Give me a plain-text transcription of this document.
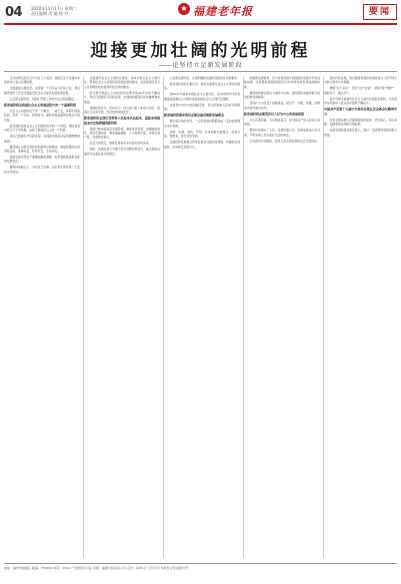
04 2020年11月17日 星期二
责任编辑 美 编 校 对
★ 福建老年报	要闻
迎接更加壮阔的光明前程
——论坚持立足新发展阶段

当今世界正经历百年未有之大变局，我国正处于实现中华民族伟大复兴关键时期。

全面建成小康社会、实现第一个百年奋斗目标之后，我们要乘势而上开启全面建设社会主义现代化国家新征程。

立足新发展阶段，是我们开展工作的出发点和落脚点。

新发展阶段是我国社会主义发展进程中的一个重要阶段

社会主义初级阶段不是一个静态、一成不变、停滞不前的阶段，而是一个动态、积极有为、始终洋溢着蓬勃生机活力的过程。

新发展阶段是社会主义初级阶段中的一个阶段，同时是其中经过几十年积累、站到了新的起点上的一个阶段。

我们已经拥有开启新征程、实现新的更高目标的雄厚物质基础。

要深刻认识新发展阶段的新特征新要求，增强机遇意识和风险意识，准确识变、科学应变、主动求变。

我国发展仍然处于重要战略机遇期，但机遇和挑战都有新的发展变化。

要保持战略定力，办好自己的事，在危机中育先机、于变局中开新局。

全面建设社会主义现代化国家、基本实现社会主义现代化，既是社会主义初级阶段我国发展的要求，也是我国社会主义从初级阶段向更高阶段迈进的要求。

经过新中国成立以来特别是改革开放40多年的不懈奋斗，我们已经拥有开启新征程、实现新的更高目标的雄厚物质基础。

我国经济实力、科技实力、综合国力跃上新的大台阶，经济运行总体平稳，经济结构持续优化。

新发展阶段是我们党带领人民迎来从站起来、富起来到强起来历史性跨越的新阶段

我国已转向高质量发展阶段，制度优势显著，治理效能提升，经济长期向好，物质基础雄厚，人力资源丰富，市场空间广阔，发展韧性强大。

社会大局稳定，继续发展具有多方面优势和条件。

同时，我国发展不平衡不充分问题仍然突出，重点领域关键环节改革任务仍然艰巨。

立足新发展阶段，必须把握新发展阶段的新任务新要求。

新发展阶段的主要任务，就是全面建设社会主义现代化国家。

到2035年基本实现社会主义现代化，到本世纪中叶把我国建成富强民主文明和谐美丽的社会主义现代化强国。

这是党中央作出的战略安排，是全国各族人民的共同愿望。

新发展阶段要求我们必须全面贯彻新发展理念

理念是行动的先导，一定的发展实践都是由一定的发展理念来引领的。

创新、协调、绿色、开放、共享的新发展理念，是管全局、管根本、管长远的导向。

必须把新发展理念贯穿发展全过程和各领域，构建新发展格局，切实转变发展方式。

构建新发展格局，是与时俱进提升我国经济发展水平的战略抉择，也是塑造我国国际经济合作和竞争新优势的战略抉择。

要加快构建以国内大循环为主体、国内国际双循环相互促进的新发展格局。

坚持扩大内需这个战略基点，使生产、分配、流通、消费更多依托国内市场。

新发展阶段必须坚持以人民为中心的发展思想

为人民谋幸福、为民族谋复兴，是中国共产党人的初心和使命。

要坚持发展为了人民、发展依靠人民、发展成果由人民共享，不断实现人民对美好生活的向往。

扎实推动共同富裕，促进人的全面发展和社会全面进步。

新时代新征程，我们要更加紧密地团结在以习近平同志为核心的党中央周围。

增强“四个意识”、坚定“四个自信”、做到“两个维护”，真抓实干、埋头苦干。

奋力夺取全面建设社会主义现代化国家新胜利，为实现中华民族伟大复兴的中国梦不懈奋斗。

中国共产党第十九届中央委员会第五次全体会议精神学习

全党全国各族人民要紧密团结起来，坚定信心、同心同德，迎接更加壮阔的光明前程。

在新发展阶段的新征程上，我们一定能够创造新的更大奇迹。

地址：福州市鼓楼区 邮编：350001 电话：0591 广告经营许可证 印刷：福建日报印务公司 定价：每份1元 全年订价 本报发行部 邮发代号
